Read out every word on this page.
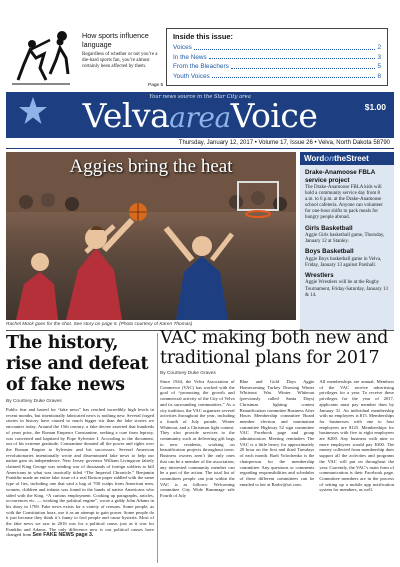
How sports influence language
Regardless of whether or not you’re a die-hard sports fan, you’re almost certainly been affected by them.
Page 5
Inside this issue:
Voices	2
In the News	3
From the Bleachers	5
Youth Voices	8
Your news source in the Star City area
VelvaareaVoice	$1.00
Thursday, January 12, 2017 • Volume 17, Issue 26 • Velva, North Dakota 58790
Aggies bring the heat
Rachel Mock goes for the shot. See story on page 5. (Photo courtesy of Karen Thomas)
WordontheStreet
Drake-Anamoose FBLA service project
The Drake-Anamoose FBLA kids will hold a community service day from 8 a.m. to 6 p.m. at the Drake-Anamoose school cafeteria. Anyone can volunteer for one-hour shifts to pack meals for hungry people abroad.
Girls Basketball
Aggie Girls basketball game, Thursday, January 12 at Stanley.
Boys Basketball
Aggie Boys basketball game in Velva, Friday, January 13 against Parshall.
Wrestlers
Aggie Wrestlers will be at the Rugby Tournament, Friday-Saturday, January 13 & 14.
The history, rise and defeat of fake news
By Courtney Duke Graves
Public fear and hatred for “fake news” has reached incredibly high levels in recent months, but intentionally fabricated news is nothing new. Several forged stories in history have caused so much bigger stir than the fake stories we encounter today. Around the 15th century, a fake decree asserted that hundreds of years prior, the Roman Emperor Constantine, seeking a cure from leprosy, was converted and baptized by Pope Sylvester I. According to the document, out of his extreme gratitude, Constantine donated all the power and rights over the Roman Empire to Sylvester and his successors. Several American revolutionaries intentionally wrote and disseminated fake news to help our nation gain its independence. New Jersey governor William Livingston falsely claimed King George was sending war of thousands of foreign soldiers to kill Americans in what was ironically titled “The Imperial Chronicle.” Benjamin Franklin made an entire fake issue of a real Boston paper riddled with the same type of lies, including one that said a bag of 700 scalps from American men, women, children and infants was found in the hands of native Americans who sided with the King. “A curious employment. Cooking up paragraphs, articles, occurrences etc. — working the political engine”, wrote a giddy John Adams in his diary in 1769. Fake news exists for a variety of reasons. Some people, as with the Constitution hoax, use it as an attempt to gain power. Some people do it just because they think it’s funny to fool people and cause hysteria. Most of the fake news we saw in 2016 was for a political cause, just as it was for Franklin and Adams. The only difference now is our political causes have changed from See FAKE NEWS page 3.
VAC making both new and traditional plans for 2017
By Courtney Duke Graves
Since 1944, the Velva Association of Commerce (VAC) has worked with the goal of “promoting the growth and commercial activity of the City of Velva and its surrounding communities.” As a city tradition, the VAC organizes several activities throughout the year, including a fourth of July parade, Winter Whiteout, and a Christmas light contest. They also provide services to the community such as delivering gift bags to new residents, working on beautification projects throughout town. Business owners aren’t the only ones that can be a member of the association; any interested community member can be a part of the action. The total list of committees people can join within the VAC is as follows: Welcoming committee City Wide Rummage sale Fourth of July
Blue and Gold Days Aggie Homecoming Turkey Drawing Winter Whiteout Was Winter Whiteout (previously called Santa Days) Christmas lighting contest Beautification committee Business After Hours Membership committee Board member election and nomination committee Highway 52 sign committee VAC Facebook page and group administrators Meeting reminders The VAC is a little heavy for approximately 20 hour on the first and third Tuesdays of each month. Barb Volochenko is the chairperson for the membership committee. Any questions or comments regarding responsibilities and schedules of these different committees can be emailed to her at Barbv@srt.com.
All memberships are annual. Members of the VAC receive advertising privileges for a year. To receive these privileges for the year of 2017, applicants must pay member dues by January 31. An individual membership with no employees is $15. Memberships for businesses with one to four employees are $125. Memberships for businesses with five to eight employees are $200. Any business with nine or more employees would pay $300. The money collected from membership dues support all the activities and programs the VAC will put on throughout the year. Currently, the VAC’s main form of communication is their Facebook page. Committee members are in the process of setting up a mobile app notification system for members, as well.
